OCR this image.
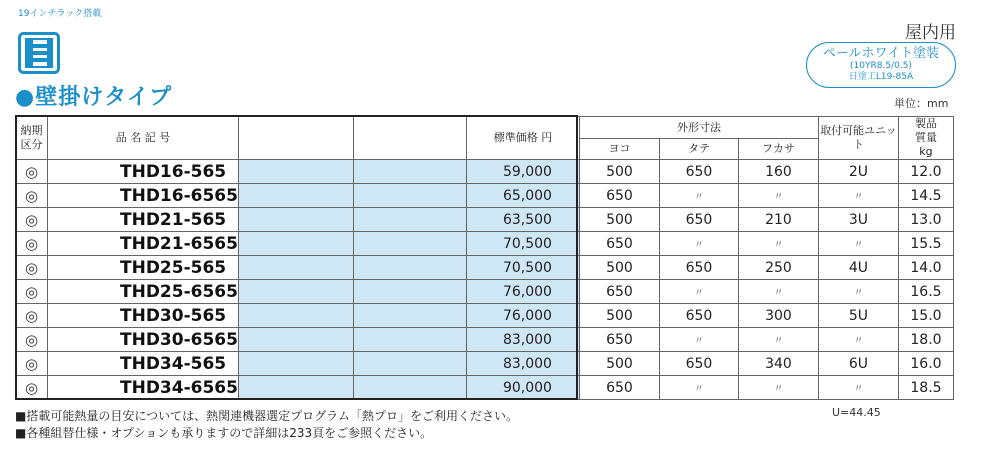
19インチラック搭載
●壁掛けタイプ
屋内用
ペールホワイト塗装
(10YR8.5/0.5)
日塗工L19-85A
単位：mm
納期区分	品 名 記 号			標準価格 円	外形寸法			取付可能ユニット	製品
質量
kg

					ヨコ	タテ	フカサ		
◎	THD16-565			59,000	500	650	160	2U	12.0
◎	THD16-6565			65,000	650	〃	〃	〃	14.5
◎	THD21-565			63,500	500	650	210	3U	13.0
◎	THD21-6565			70,500	650	〃	〃	〃	15.5
◎	THD25-565			70,500	500	650	250	4U	14.0
◎	THD25-6565			76,000	650	〃	〃	〃	16.5
◎	THD30-565			76,000	500	650	300	5U	15.0
◎	THD30-6565			83,000	650	〃	〃	〃	18.0
◎	THD34-565			83,000	500	650	340	6U	16.0
◎	THD34-6565			90,000	650	〃	〃	〃	18.5
U=44.45
■搭載可能熱量の目安については、熱関連機器選定プログラム「熱プロ」をご利用ください。
■各種組替仕様・オプションも承りますので詳細は233頁をご参照ください。
